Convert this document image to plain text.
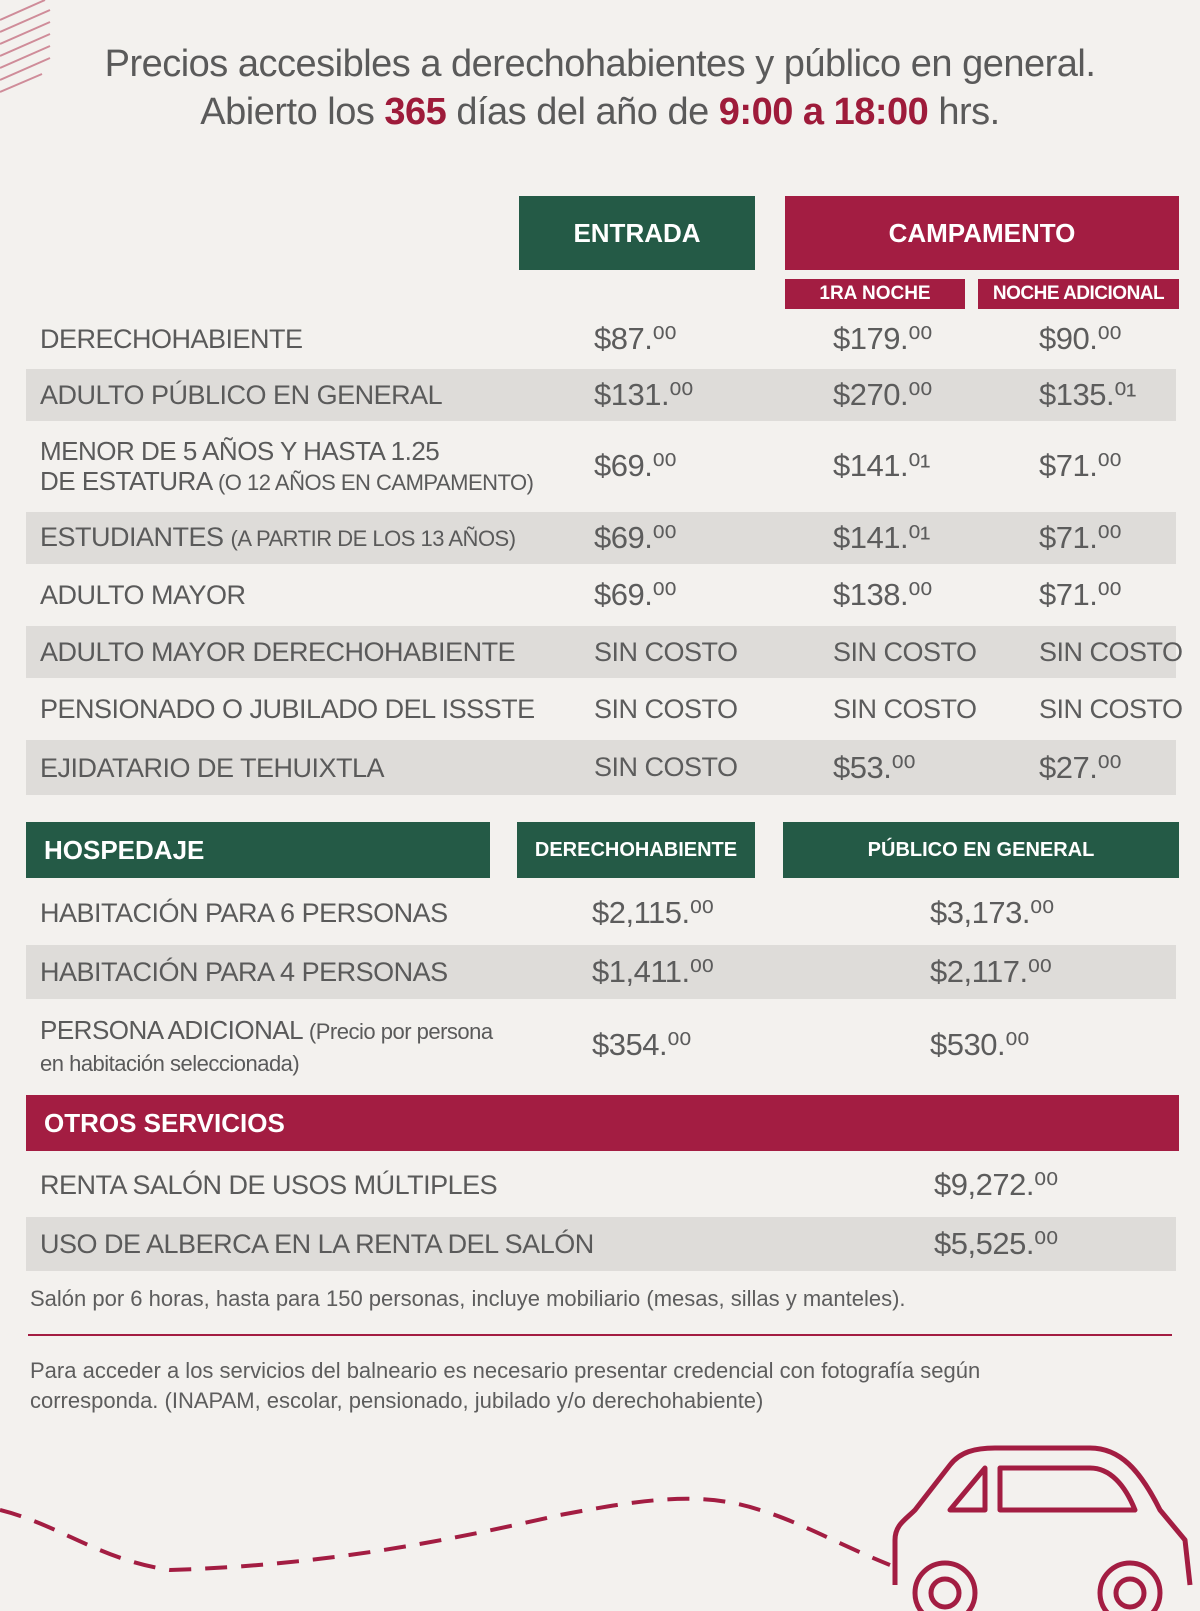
Precios accesibles a derechohabientes y público en general.
Abierto los 365 días del año de 9:00 a 18:00 hrs.
ENTRADA	CAMPAMENTO
1RA NOCHE	NOCHE ADICIONAL
DERECHOHABIENTE	$87.⁰⁰	$179.⁰⁰	$90.⁰⁰
ADULTO PÚBLICO EN GENERAL	$131.⁰⁰	$270.⁰⁰	$135.⁰¹
MENOR DE 5 AÑOS Y HASTA 1.25
DE ESTATURA (O 12 AÑOS EN CAMPAMENTO) $69.⁰⁰	$141.⁰¹	$71.⁰⁰
ESTUDIANTES (A PARTIR DE LOS 13 AÑOS)	$69.⁰⁰	$141.⁰¹	$71.⁰⁰
ADULTO MAYOR	$69.⁰⁰	$138.⁰⁰	$71.⁰⁰
ADULTO MAYOR DERECHOHABIENTE	SIN COSTO	SIN COSTO SIN COSTO
PENSIONADO O JUBILADO DEL ISSSTE SIN COSTO	SIN COSTO SIN COSTO
EJIDATARIO DE TEHUIXTLA	SIN COSTO	$53.⁰⁰	$27.⁰⁰
HOSPEDAJE	DERECHOHABIENTE	PÚBLICO EN GENERAL
HABITACIÓN PARA 6 PERSONAS	$2,115.⁰⁰	$3,173.⁰⁰
HABITACIÓN PARA 4 PERSONAS	$1,411.⁰⁰	$2,117.⁰⁰
PERSONA ADICIONAL (Precio por persona
en habitación seleccionada)
$354.⁰⁰	$530.⁰⁰
OTROS SERVICIOS
RENTA SALÓN DE USOS MÚLTIPLES	$9,272.⁰⁰
USO DE ALBERCA EN LA RENTA DEL SALÓN	$5,525.⁰⁰
Salón por 6 horas, hasta para 150 personas, incluye mobiliario (mesas, sillas y manteles).
Para acceder a los servicios del balneario es necesario presentar credencial con fotografía según
corresponda. (INAPAM, escolar, pensionado, jubilado y/o derechohabiente)
